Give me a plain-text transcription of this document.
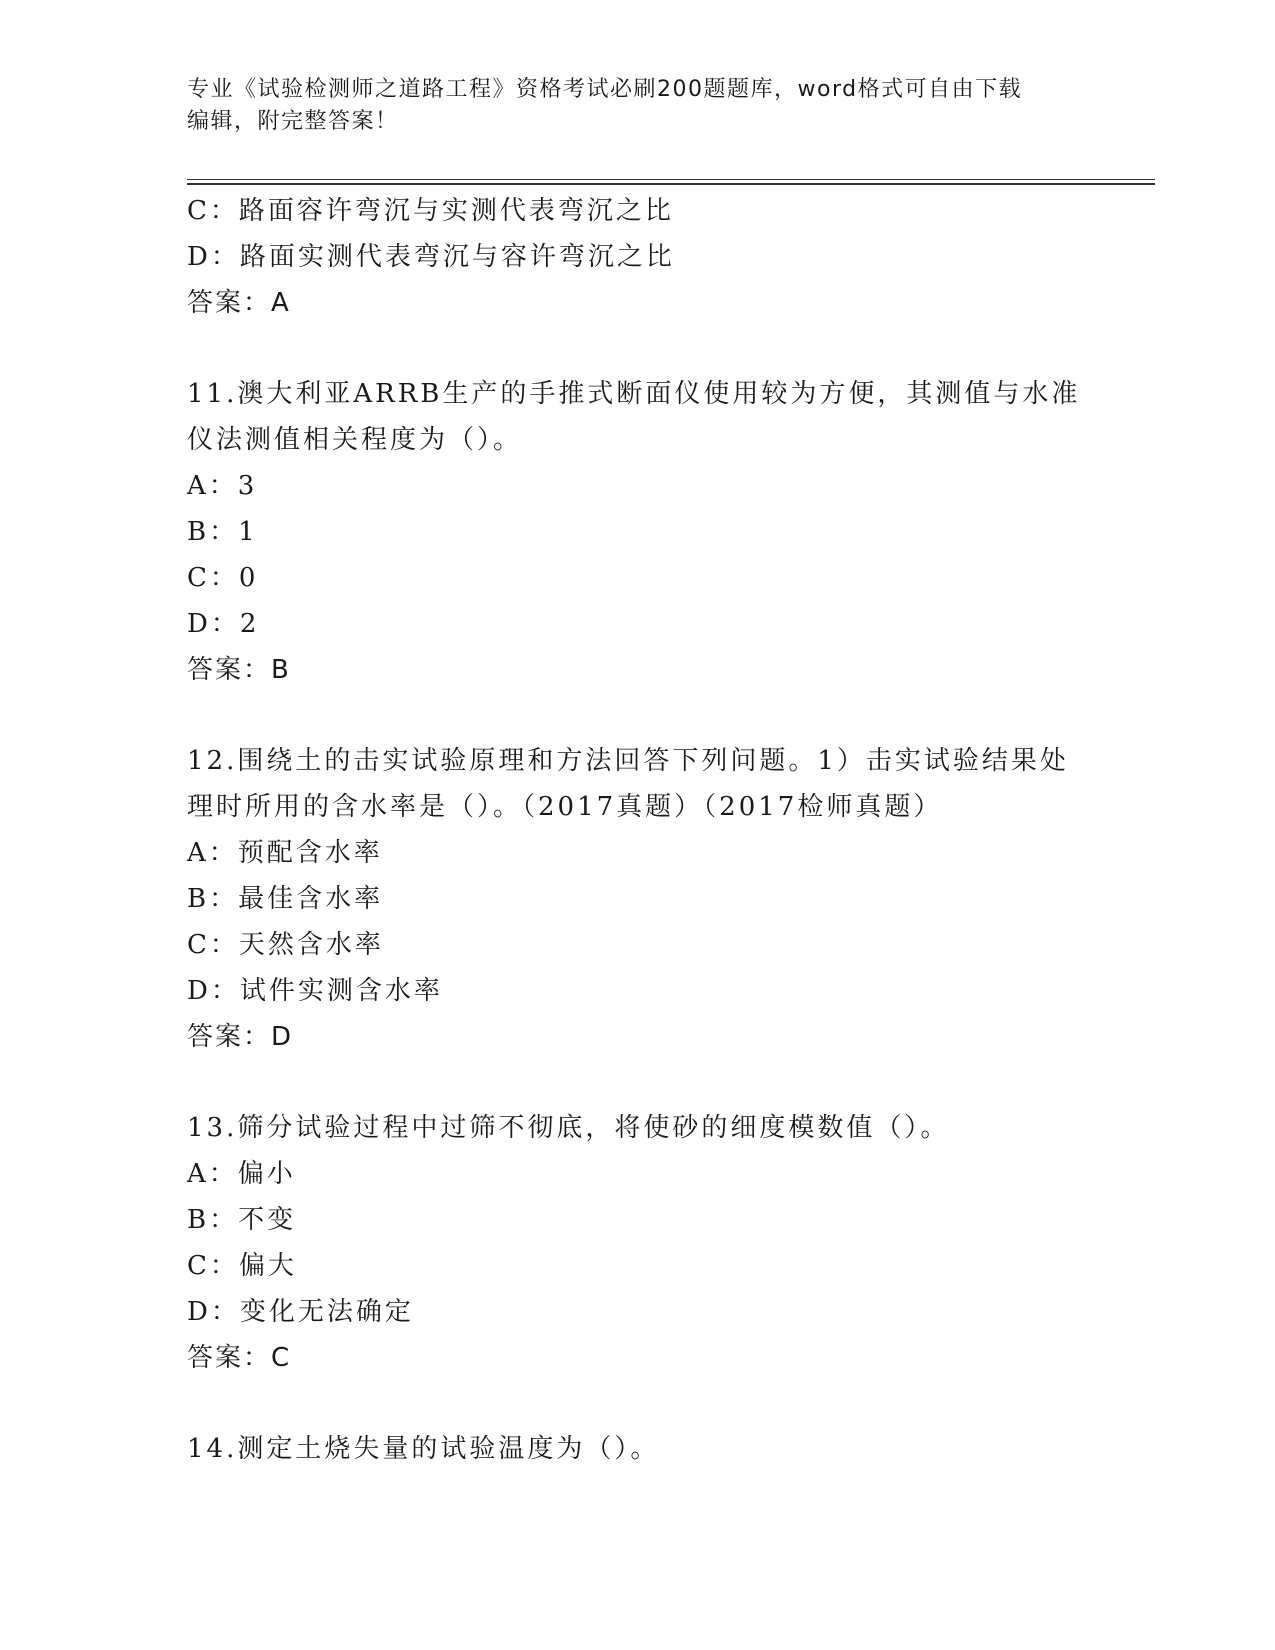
专业《试验检测师之道路工程》资格考试必刷200题题库，word格式可自由下载
编辑，附完整答案！
C：路面容许弯沉与实测代表弯沉之比
D：路面实测代表弯沉与容许弯沉之比
答案：A
11.澳大利亚ARRB生产的手推式断面仪使用较为方便，其测值与水准
仪法测值相关程度为（）。
A：3
B：1
C：0
D：2
答案：B
12.围绕土的击实试验原理和方法回答下列问题。1）击实试验结果处
理时所用的含水率是（）。（2017真题）（2017检师真题）
A：预配含水率
B：最佳含水率
C：天然含水率
D：试件实测含水率
答案：D
13.筛分试验过程中过筛不彻底，将使砂的细度模数值（）。
A：偏小
B：不变
C：偏大
D：变化无法确定
答案：C
14.测定土烧失量的试验温度为（）。
